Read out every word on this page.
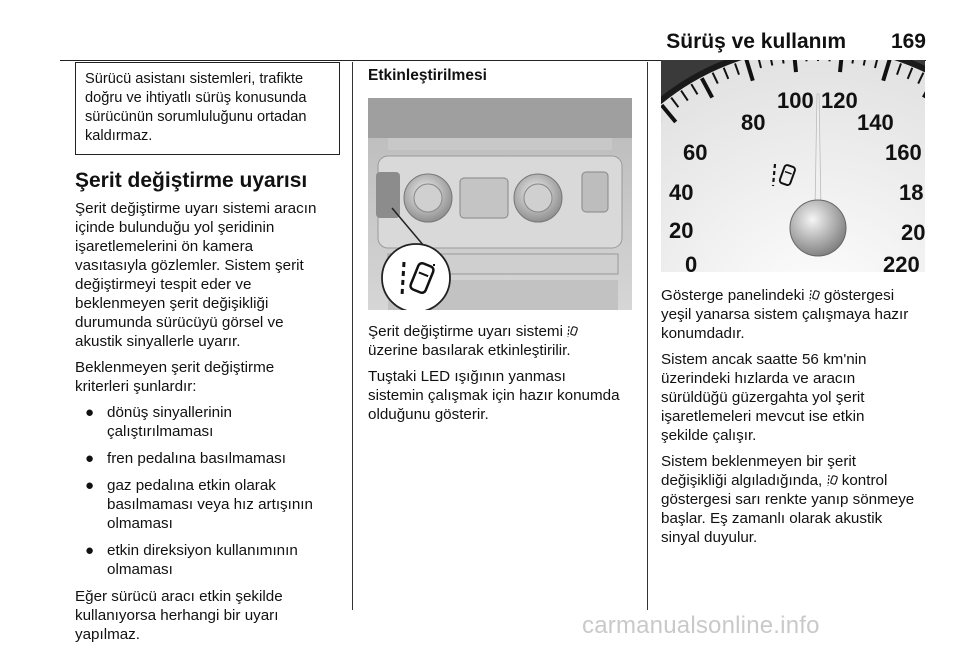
Sürüş ve kullanım 169

Sürücü asistanı sistemleri, trafikte doğru ve ihtiyatlı sürüş konusunda sürücünün sorumluluğunu ortadan kaldırmaz.

Şerit değiştirme uyarısı

Şerit değiştirme uyarı sistemi aracın
içinde bulunduğu yol şeridinin
işaretlemelerini ön kamera
vasıtasıyla gözlemler. Sistem şerit
değiştirmeyi tespit eder ve
beklenmeyen şerit değişikliği
durumunda sürücüyü görsel ve
akustik sinyallerle uyarır.

Beklenmeyen şerit değiştirme
kriterleri şunlardır:

● dönüş sinyallerinin
çalıştırılmaması
● fren pedalına basılmaması
● gaz pedalına etkin olarak
basılmaması veya hız artışının
olmaması
● etkin direksiyon kullanımının
olmaması

Eğer sürücü aracı etkin şekilde
kullanıyorsa herhangi bir uyarı
yapılmaz.

Etkinleştirilmesi

Şerit değiştirme uyarı sistemi
üzerine basılarak etkinleştirilir.

Tuştaki LED ışığının yanması
sistemin çalışmak için hazır konumda
olduğunu gösterir.

0
20
40
60
80
100 120
140
160
18
20
220

Gösterge panelindeki göstergesi
yeşil yanarsa sistem çalışmaya hazır
konumdadır.

Sistem ancak saatte 56 km'nin
üzerindeki hızlarda ve aracın
sürüldüğü güzergahta yol şerit
işaretlemeleri mevcut ise etkin
şekilde çalışır.

Sistem beklenmeyen bir şerit
değişikliği algıladığında, kontrol
göstergesi sarı renkte yanıp sönmeye
başlar. Eş zamanlı olarak akustik
sinyal duyulur.

carmanualsonline.info
